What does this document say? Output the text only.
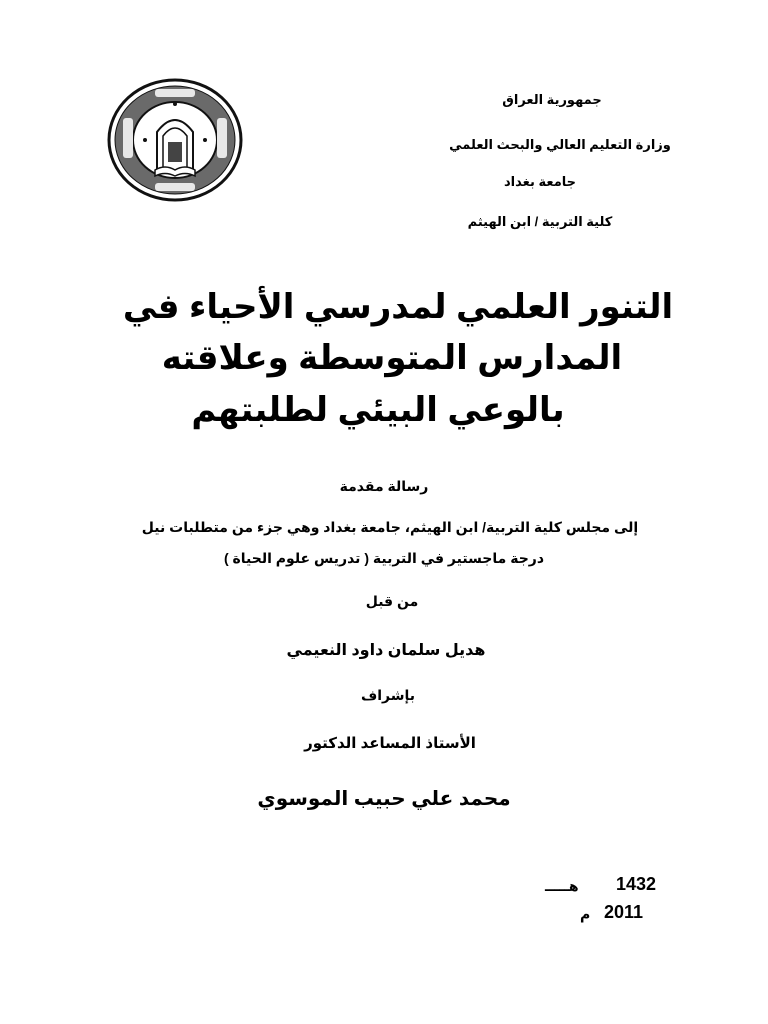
جمهورية العراق
وزارة التعليم العالي والبحث العلمي
جامعة بغداد
كلية التربية / ابن الهيثم
التنور العلمي لمدرسي الأحياء في
المدارس المتوسطة وعلاقته
بالوعي البيئي لطلبتهم
رسالة مقدمة
إلى مجلس كلية التربية/ ابن الهيثم، جامعة بغداد وهي جزء من متطلبات نيل
درجة ماجستير في التربية ( تدريس علوم الحياة )
من قبل
هديل سلمان داود النعيمي
بإشراف
الأستاذ المساعد الدكتور
محمد علي حبيب الموسوي
1432
هـــــ
2011
م
